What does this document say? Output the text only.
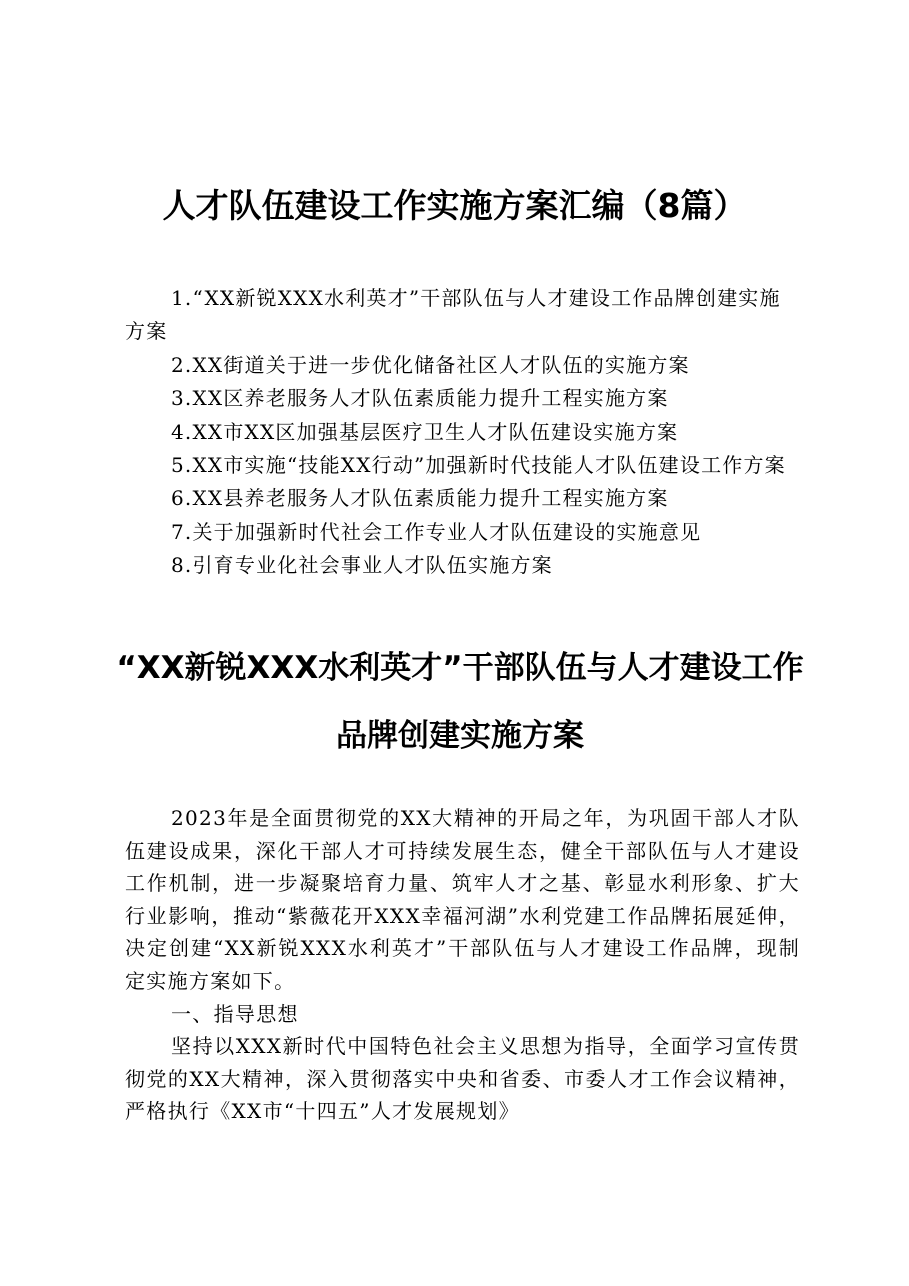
人才队伍建设工作实施方案汇编（8篇）
1.“XX新锐XXX水利英才”干部队伍与人才建设工作品牌创建实施方案
2.XX街道关于进一步优化储备社区人才队伍的实施方案
3.XX区养老服务人才队伍素质能力提升工程实施方案
4.XX市XX区加强基层医疗卫生人才队伍建设实施方案
5.XX市实施“技能XX行动”加强新时代技能人才队伍建设工作方案
6.XX县养老服务人才队伍素质能力提升工程实施方案
7.关于加强新时代社会工作专业人才队伍建设的实施意见
8.引育专业化社会事业人才队伍实施方案
“XX新锐XXX水利英才”干部队伍与人才建设工作品牌创建实施方案

2023年是全面贯彻党的XX大精神的开局之年，为巩固干部人才队伍建设成果，深化干部人才可持续发展生态，健全干部队伍与人才建设工作机制，进一步凝聚培育力量、筑牢人才之基、彰显水利形象、扩大行业影响，推动“紫薇花开XXX幸福河湖”水利党建工作品牌拓展延伸，决定创建“XX新锐XXX水利英才”干部队伍与人才建设工作品牌，现制定实施方案如下。

一、指导思想

坚持以XXX新时代中国特色社会主义思想为指导，全面学习宣传贯彻党的XX大精神，深入贯彻落实中央和省委、市委人才工作会议精神，严格执行《XX市“十四五”人才发展规划》
